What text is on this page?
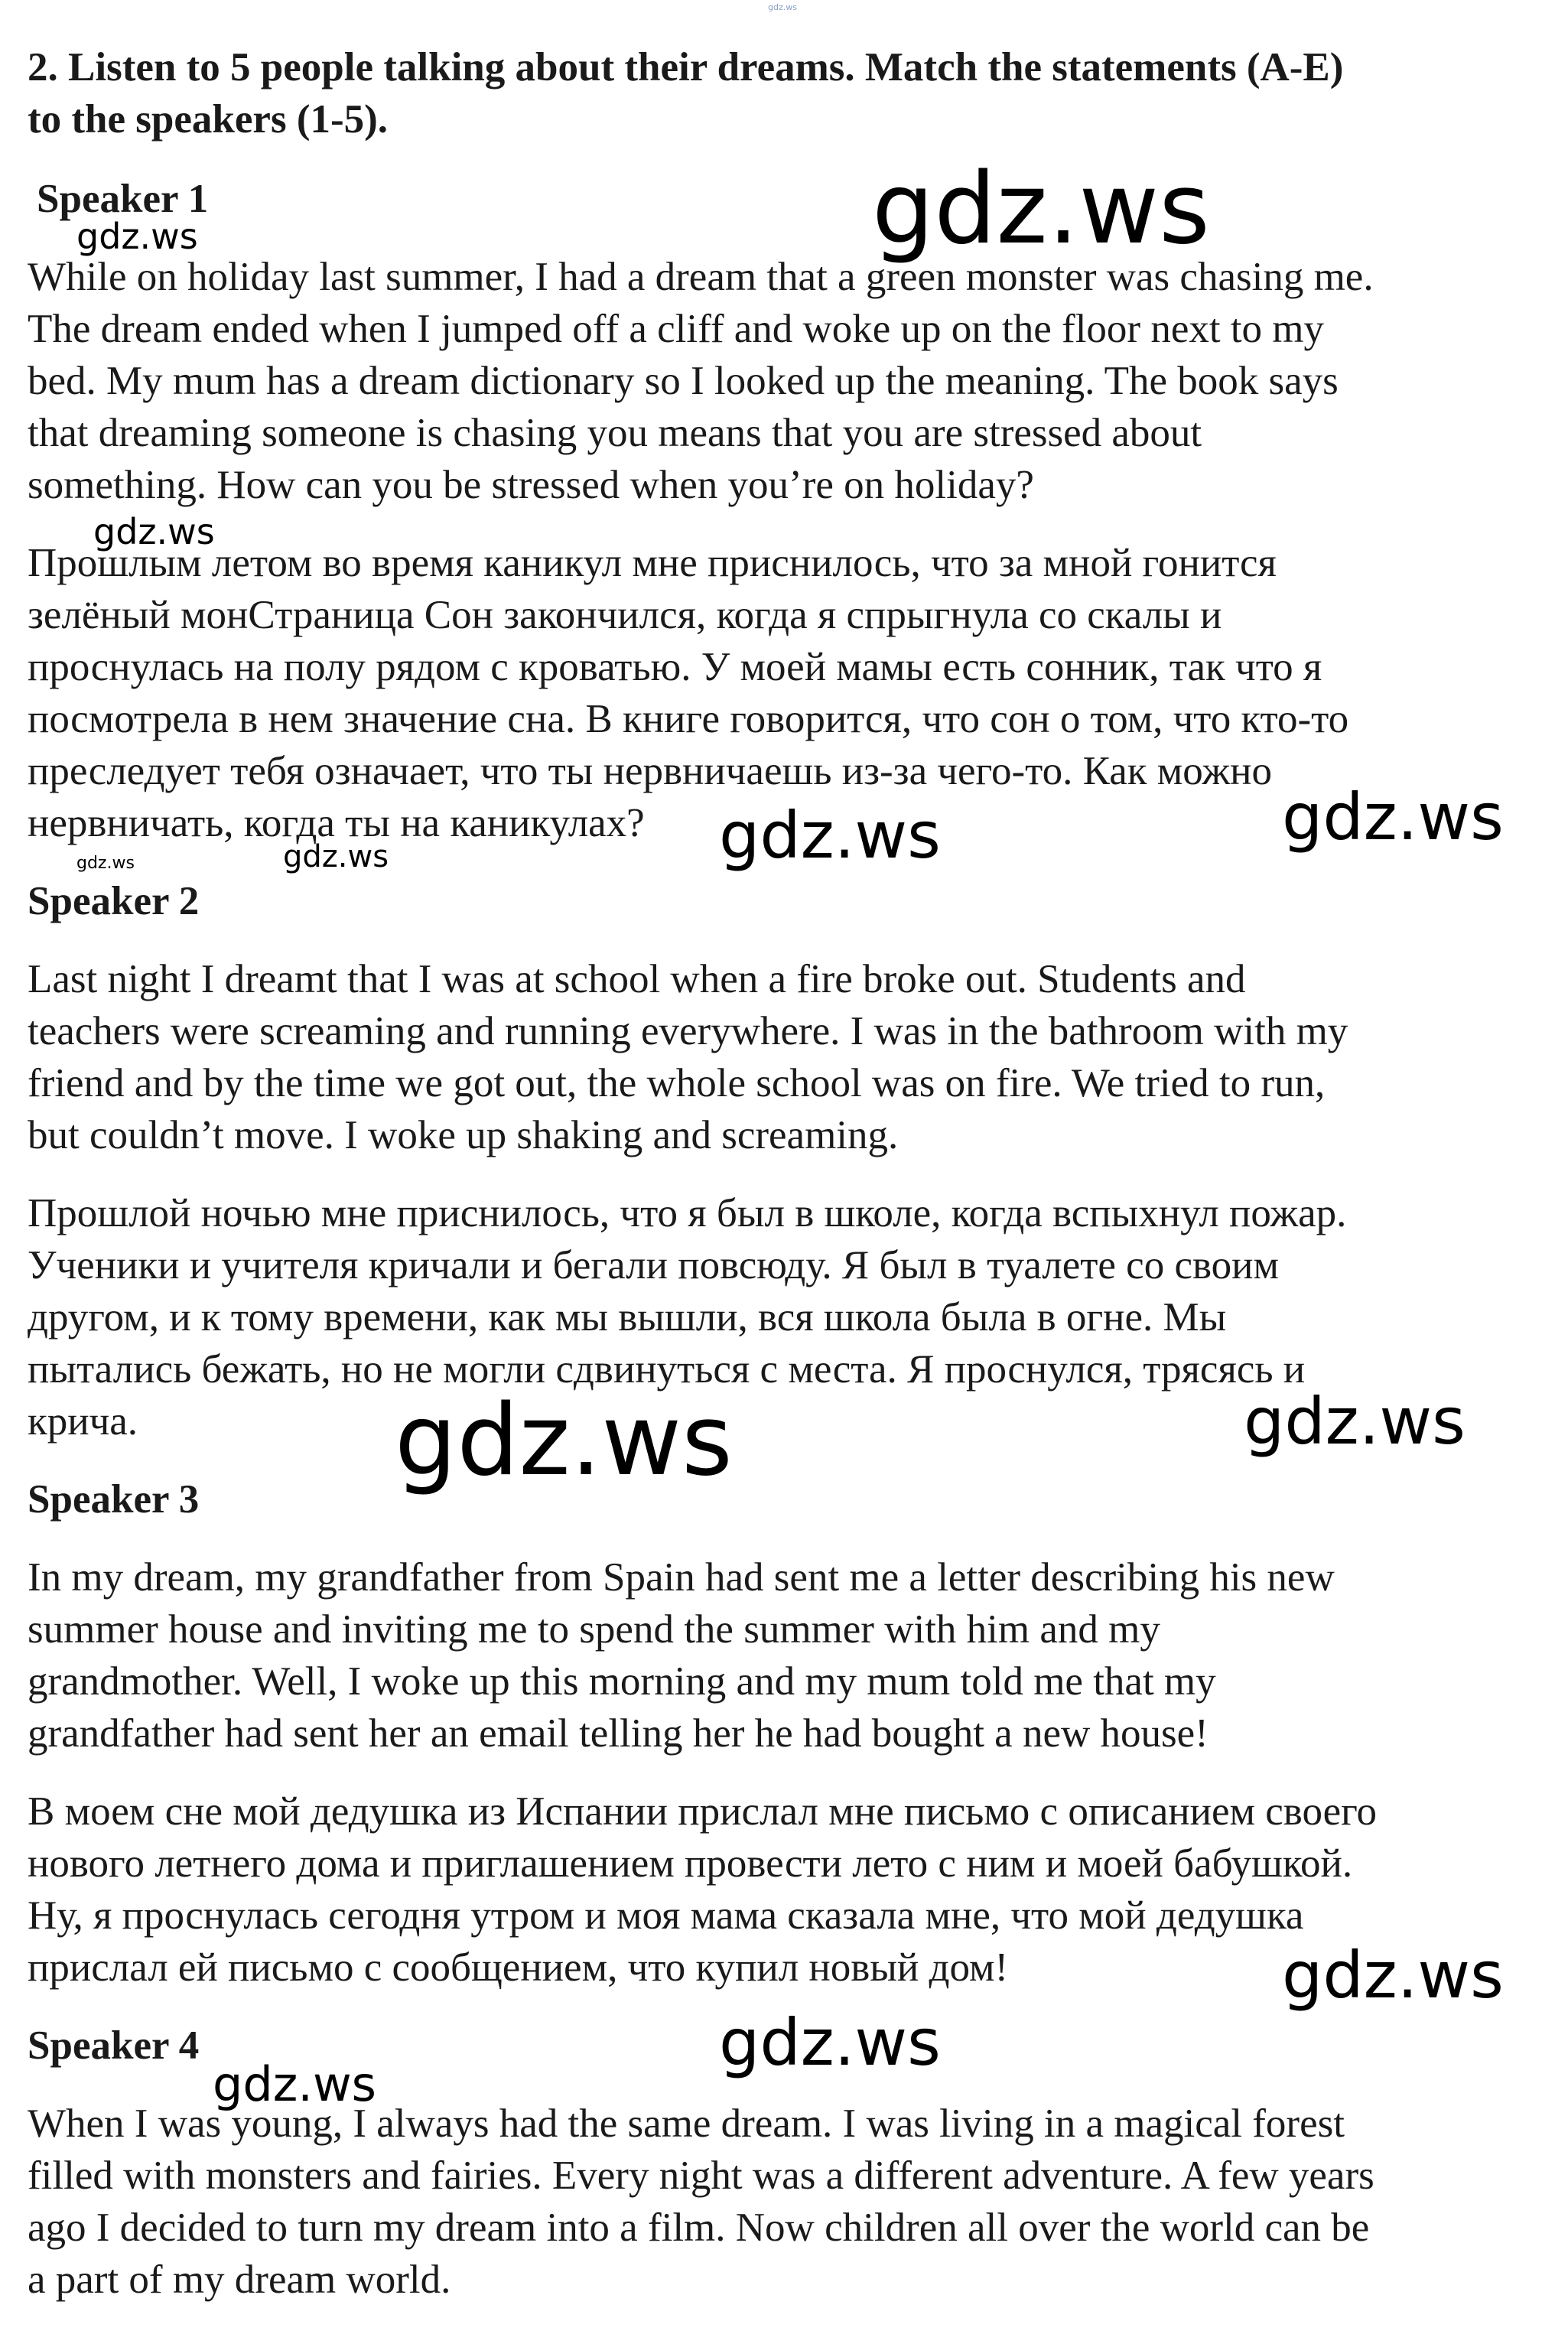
gdz.ws
2. Listen to 5 people talking about their dreams. Match the statements (A-E)
to the speakers (1-5).
Speaker 1
While on holiday last summer, I had a dream that a green monster was chasing me.
The dream ended when I jumped off a cliff and woke up on the floor next to my
bed. My mum has a dream dictionary so I looked up the meaning. The book says
that dreaming someone is chasing you means that you are stressed about
something. How can you be stressed when you’re on holiday?
Прошлым летом во время каникул мне приснилось, что за мной гонится
зелёный монСтраница Сон закончился, когда я спрыгнула со скалы и
проснулась на полу рядом с кроватью. У моей мамы есть сонник, так что я
посмотрела в нем значение сна. В книге говорится, что сон о том, что кто-то
преследует тебя означает, что ты нервничаешь из-за чего-то. Как можно
нервничать, когда ты на каникулах?
Speaker 2
Last night I dreamt that I was at school when a fire broke out. Students and
teachers were screaming and running everywhere. I was in the bathroom with my
friend and by the time we got out, the whole school was on fire. We tried to run,
but couldn’t move. I woke up shaking and screaming.
Прошлой ночью мне приснилось, что я был в школе, когда вспыхнул пожар.
Ученики и учителя кричали и бегали повсюду. Я был в туалете со своим
другом, и к тому времени, как мы вышли, вся школа была в огне. Мы
пытались бежать, но не могли сдвинуться с места. Я проснулся, трясясь и
крича.
Speaker 3
In my dream, my grandfather from Spain had sent me a letter describing his new
summer house and inviting me to spend the summer with him and my
grandmother. Well, I woke up this morning and my mum told me that my
grandfather had sent her an email telling her he had bought a new house!
В моем сне мой дедушка из Испании прислал мне письмо с описанием своего
нового летнего дома и приглашением провести лето с ним и моей бабушкой.
Ну, я проснулась сегодня утром и моя мама сказала мне, что мой дедушка
прислал ей письмо с сообщением, что купил новый дом!
Speaker 4
When I was young, I always had the same dream. I was living in a magical forest
filled with monsters and fairies. Every night was a different adventure. A few years
ago I decided to turn my dream into a film. Now children all over the world can be
a part of my dream world.
gdz.ws
gdz.ws
gdz.ws
gdz.ws	gdz.ws
gdz.ws	gdz.ws
gdz.ws	gdz.ws
gdz.ws
gdz.ws
gdz.ws
